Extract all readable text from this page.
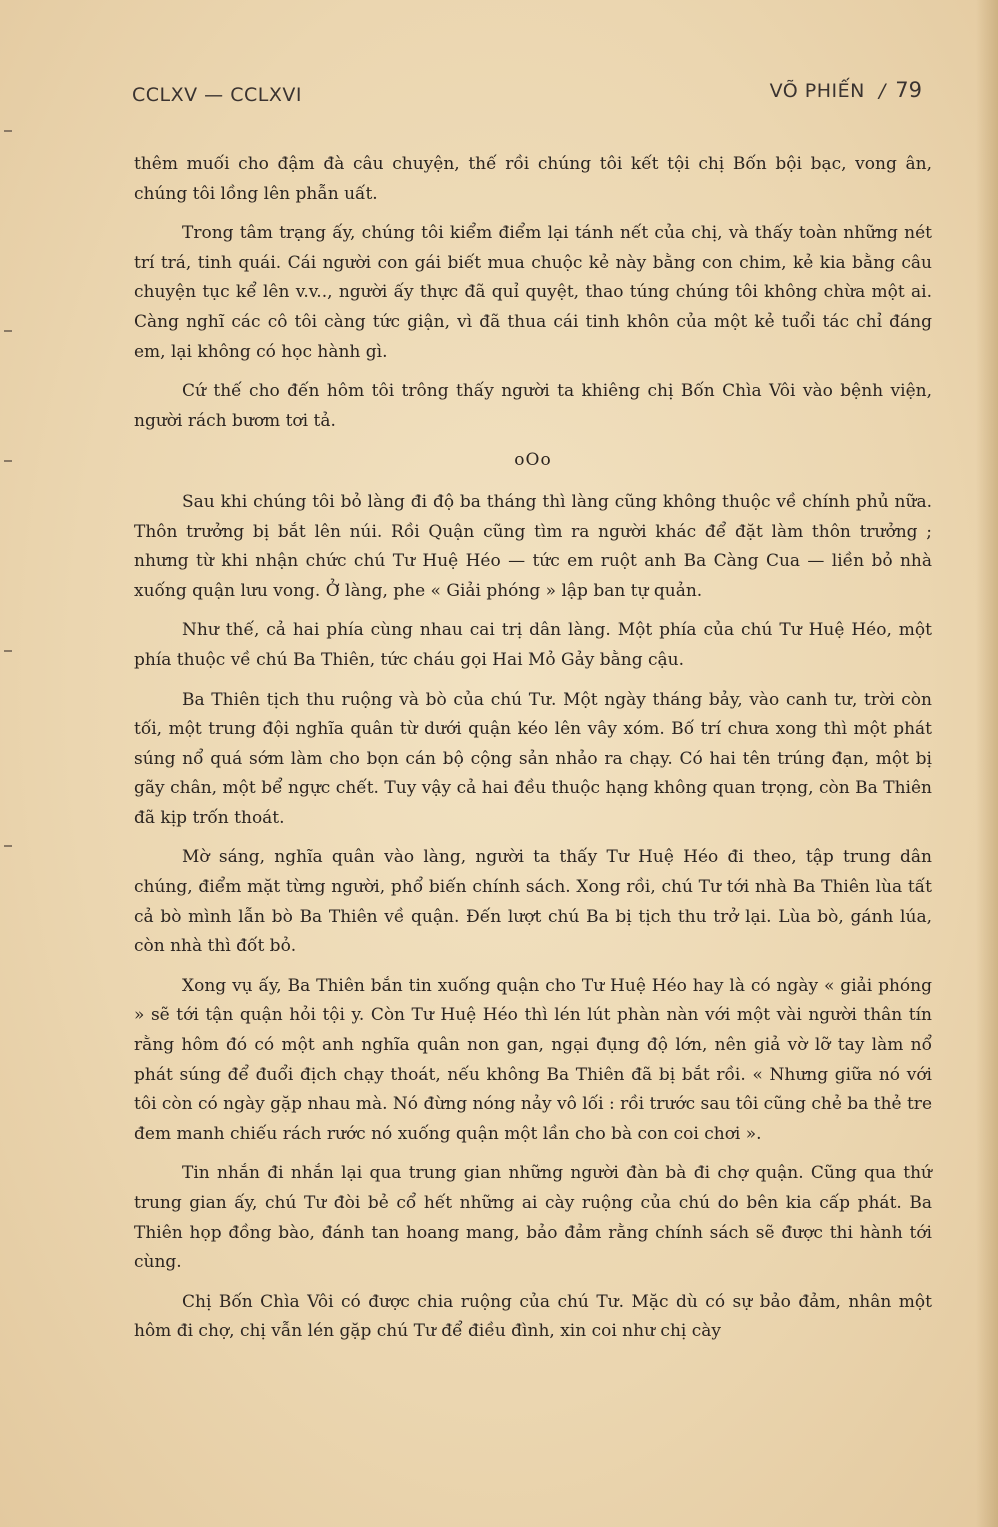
CCLXV — CCLXVI	VÕ PHIẾN / 79

thêm muối cho đậm đà câu chuyện, thế rồi chúng tôi kết tội chị Bốn bội bạc, vong ân, chúng tôi lồng lên phẫn uất.

Trong tâm trạng ấy, chúng tôi kiểm điểm lại tánh nết của chị, và thấy toàn những nét trí trá, tinh quái. Cái người con gái biết mua chuộc kẻ này bằng con chim, kẻ kia bằng câu chuyện tục kể lên v.v.., người ấy thực đã quỉ quyệt, thao túng chúng tôi không chừa một ai. Càng nghĩ các cô tôi càng tức giận, vì đã thua cái tinh khôn của một kẻ tuổi tác chỉ đáng em, lại không có học hành gì.

Cứ thế cho đến hôm tôi trông thấy người ta khiêng chị Bốn Chìa Vôi vào bệnh viện, người rách bươm tơi tả.

oOo

Sau khi chúng tôi bỏ làng đi độ ba tháng thì làng cũng không thuộc về chính phủ nữa. Thôn trưởng bị bắt lên núi. Rồi Quận cũng tìm ra người khác để đặt làm thôn trưởng ; nhưng từ khi nhận chức chú Tư Huệ Héo — tức em ruột anh Ba Càng Cua — liền bỏ nhà xuống quận lưu vong. Ở làng, phe « Giải phóng » lập ban tự quản.

Như thế, cả hai phía cùng nhau cai trị dân làng. Một phía của chú Tư Huệ Héo, một phía thuộc về chú Ba Thiên, tức cháu gọi Hai Mỏ Gảy bằng cậu.

Ba Thiên tịch thu ruộng và bò của chú Tư. Một ngày tháng bảy, vào canh tư, trời còn tối, một trung đội nghĩa quân từ dưới quận kéo lên vây xóm. Bố trí chưa xong thì một phát súng nổ quá sớm làm cho bọn cán bộ cộng sản nhảo ra chạy. Có hai tên trúng đạn, một bị gãy chân, một bể ngực chết. Tuy vậy cả hai đều thuộc hạng không quan trọng, còn Ba Thiên đã kịp trốn thoát.

Mờ sáng, nghĩa quân vào làng, người ta thấy Tư Huệ Héo đi theo, tập trung dân chúng, điểm mặt từng người, phổ biến chính sách. Xong rồi, chú Tư tới nhà Ba Thiên lùa tất cả bò mình lẫn bò Ba Thiên về quận. Đến lượt chú Ba bị tịch thu trở lại. Lùa bò, gánh lúa, còn nhà thì đốt bỏ.

Xong vụ ấy, Ba Thiên bắn tin xuống quận cho Tư Huệ Héo hay là có ngày « giải phóng » sẽ tới tận quận hỏi tội y. Còn Tư Huệ Héo thì lén lút phàn nàn với một vài người thân tín rằng hôm đó có một anh nghĩa quân non gan, ngại đụng độ lớn, nên giả vờ lỡ tay làm nổ phát súng để đuổi địch chạy thoát, nếu không Ba Thiên đã bị bắt rồi. « Nhưng giữa nó với tôi còn có ngày gặp nhau mà. Nó đừng nóng nảy vô lối : rồi trước sau tôi cũng chẻ ba thẻ tre đem manh chiếu rách rước nó xuống quận một lần cho bà con coi chơi ».

Tin nhắn đi nhắn lại qua trung gian những người đàn bà đi chợ quận. Cũng qua thứ trung gian ấy, chú Tư đòi bẻ cổ hết những ai cày ruộng của chú do bên kia cấp phát. Ba Thiên họp đồng bào, đánh tan hoang mang, bảo đảm rằng chính sách sẽ được thi hành tới cùng.

Chị Bốn Chìa Vôi có được chia ruộng của chú Tư. Mặc dù có sự bảo đảm, nhân một hôm đi chợ, chị vẫn lén gặp chú Tư để điều đình, xin coi như chị cày
